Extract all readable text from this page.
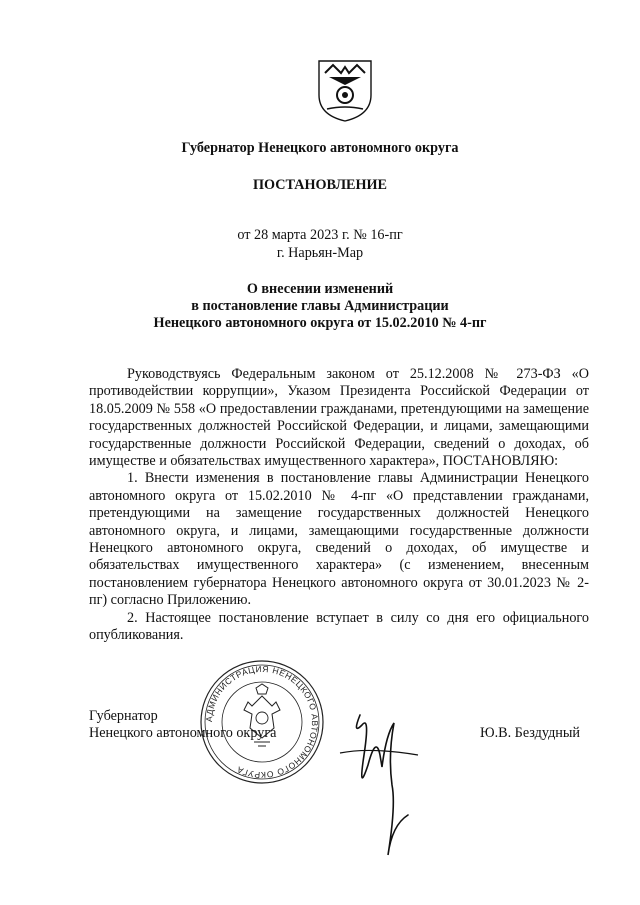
Губернатор Ненецкого автономного округа
ПОСТАНОВЛЕНИЕ
от 28 марта 2023 г. № 16-пг
г. Нарьян-Мар
О внесении изменений
в постановление главы Администрации
Ненецкого автономного округа от 15.02.2010 № 4-пг

Руководствуясь Федеральным законом от 25.12.2008 № 273-ФЗ «О противодействии коррупции», Указом Президента Российской Федерации от 18.05.2009 № 558 «О предоставлении гражданами, претендующими на замещение государственных должностей Российской Федерации, и лицами, замещающими государственные должности Российской Федерации, сведений о доходах, об имуществе и обязательствах имущественного характера», ПОСТАНОВЛЯЮ:

1. Внести изменения в постановление главы Администрации Ненецкого автономного округа от 15.02.2010 № 4-пг «О представлении гражданами, претендующими на замещение государственных должностей Ненецкого автономного округа, и лицами, замещающими государственные должности Ненецкого автономного округа, сведений о доходах, об имуществе и обязательствах имущественного характера» (с изменением, внесенным постановлением губернатора Ненецкого автономного округа от 30.01.2023 № 2-пг) согласно Приложению.

2. Настоящее постановление вступает в силу со дня его официального опубликования.

АДМИНИСТРАЦИЯ НЕНЕЦКОГО АВТОНОМНОГО ОКРУГА
Губернатор
Ненецкого автономного округа	Ю.В. Бездудный
